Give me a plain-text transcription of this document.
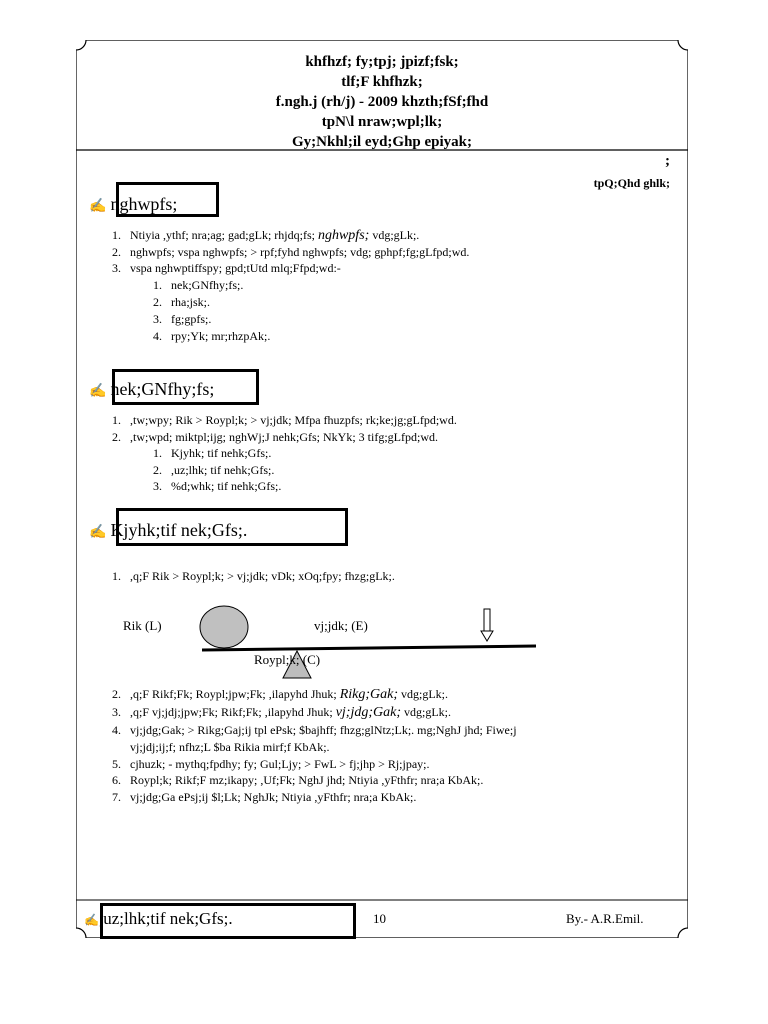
khfhzf; fy;tpj; jpizf;fsk;
tlf;F khfhzk;
f.ngh.j (rh/j) - 2009 khzth;fSf;fhd
tpN\l nraw;wpl;lk;
Gy;Nkhl;il eyd;Ghp epiyak;
;
tpQ;Qhd ghlk;
✍ nghwpfs;
1. Ntiyia ,ythf; nra;ag; gad;gLk; rhjdq;fs; nghwpfs; vdg;gLk;.
2. nghwpfs; vspa nghwpfs; > rpf;fyhd nghwpfs; vdg; gphpf;fg;gLfpd;wd.
3. vspa nghwptiffspy; gpd;tUtd mlq;Ffpd;wd:-
1. nek;GNfhy;fs;.
2. rha;jsk;.
3. fg;gpfs;.
4. rpy;Yk; mr;rhzpAk;.
✍ nek;GNfhy;fs;
1. ,tw;wpy; Rik > Roypl;k; > vj;jdk; Mfpa fhuzpfs; rk;ke;jg;gLfpd;wd.
2. ,tw;wpd; miktpl;ijg; nghWj;J nehk;Gfs; NkYk; 3 tifg;gLfpd;wd.
1. Kjyhk; tif nehk;Gfs;.
2. ,uz;lhk; tif nehk;Gfs;.
3. %d;whk; tif nehk;Gfs;.
✍ Kjyhk;tif nek;Gfs;.
1. ,q;F Rik > Roypl;k; > vj;jdk; vDk; xOq;fpy; fhzg;gLk;.
Rik (L)	vj;jdk; (E)
Roypl;k; (C)
2. ,q;F Rikf;Fk; Roypl;jpw;Fk; ,ilapyhd Jhuk; Rikg;Gak; vdg;gLk;.
3. ,q;F vj;jdj;jpw;Fk; Rikf;Fk; ,ilapyhd Jhuk; vj;jdg;Gak; vdg;gLk;.
4. vj;jdg;Gak; > Rikg;Gaj;ij tpl ePsk; $bajhff; fhzg;glNtz;Lk;. mg;NghJ jhd; Fiwe;j
vj;jdj;ij;f; nfhz;L $ba Rikia mirf;f KbAk;.
5. cjhuzk; - mythq;fpdhy; fy; Gul;Ljy; > FwL > fj;jhp > Rj;jpay;.
6. Roypl;k; Rikf;F mz;ikapy; ,Uf;Fk; NghJ jhd; Ntiyia ,yFthfr; nra;a KbAk;.
7. vj;jdg;Ga ePsj;ij $l;Lk; NghJk; Ntiyia ,yFthfr; nra;a KbAk;.
✍,uz;lhk;tif nek;Gfs;.	10	By.- A.R.Emil.
